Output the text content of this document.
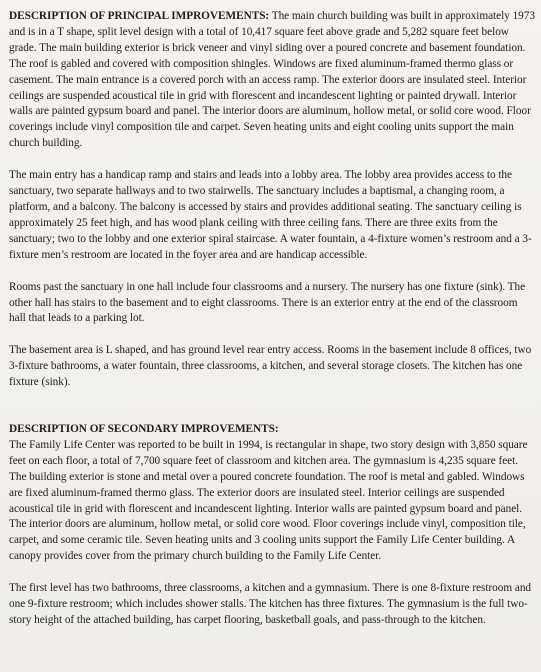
DESCRIPTION OF PRINCIPAL IMPROVEMENTS: The main church building was built in approximately 1973 and is in a T shape, split level design with a total of 10,417 square feet above grade and 5,282 square feet below grade. The main building exterior is brick veneer and vinyl siding over a poured concrete and basement foundation. The roof is gabled and covered with composition shingles. Windows are fixed aluminum-framed thermo glass or casement. The main entrance is a covered porch with an access ramp. The exterior doors are insulated steel. Interior ceilings are suspended acoustical tile in grid with florescent and incandescent lighting or painted drywall. Interior walls are painted gypsum board and panel. The interior doors are aluminum, hollow metal, or solid core wood. Floor coverings include vinyl composition tile and carpet. Seven heating units and eight cooling units support the main church building.

The main entry has a handicap ramp and stairs and leads into a lobby area. The lobby area provides access to the sanctuary, two separate hallways and to two stairwells. The sanctuary includes a baptismal, a changing room, a platform, and a balcony. The balcony is accessed by stairs and provides additional seating. The sanctuary ceiling is approximately 25 feet high, and has wood plank ceiling with three ceiling fans. There are three exits from the sanctuary; two to the lobby and one exterior spiral staircase. A water fountain, a 4-fixture women’s restroom and a 3-fixture men’s restroom are located in the foyer area and are handicap accessible.

Rooms past the sanctuary in one hall include four classrooms and a nursery. The nursery has one fixture (sink). The other hall has stairs to the basement and to eight classrooms. There is an exterior entry at the end of the classroom hall that leads to a parking lot.

The basement area is L shaped, and has ground level rear entry access. Rooms in the basement include 8 offices, two 3-fixture bathrooms, a water fountain, three classrooms, a kitchen, and several storage closets. The kitchen has one fixture (sink).

DESCRIPTION OF SECONDARY IMPROVEMENTS:

The Family Life Center was reported to be built in 1994, is rectangular in shape, two story design with 3,850 square feet on each floor, a total of 7,700 square feet of classroom and kitchen area. The gymnasium is 4,235 square feet. The building exterior is stone and metal over a poured concrete foundation. The roof is metal and gabled. Windows are fixed aluminum-framed thermo glass. The exterior doors are insulated steel. Interior ceilings are suspended acoustical tile in grid with florescent and incandescent lighting. Interior walls are painted gypsum board and panel. The interior doors are aluminum, hollow metal, or solid core wood. Floor coverings include vinyl, composition tile, carpet, and some ceramic tile. Seven heating units and 3 cooling units support the Family Life Center building. A canopy provides cover from the primary church building to the Family Life Center.

The first level has two bathrooms, three classrooms, a kitchen and a gymnasium. There is one 8-fixture restroom and one 9-fixture restroom; which includes shower stalls. The kitchen has three fixtures. The gymnasium is the full two-story height of the attached building, has carpet flooring, basketball goals, and pass-through to the kitchen.
